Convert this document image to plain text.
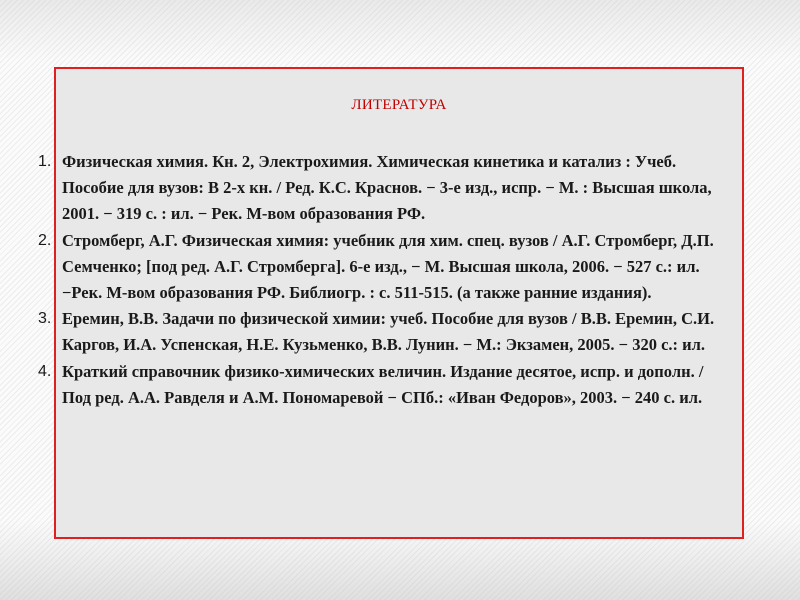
ЛИТЕРАТУРА
1. Физическая химия. Кн. 2, Электрохимия. Химическая кинетика и катализ : Учеб. Пособие для вузов: В 2-х кн. / Ред. К.С. Краснов. − 3-е изд., испр. − М. : Высшая школа, 2001. − 319 с. : ил. − Рек. М-вом образования РФ.
2. Стромберг, А.Г. Физическая химия: учебник для хим. спец. вузов / А.Г. Стромберг, Д.П. Семченко; [под ред. А.Г. Стромберга]. 6-е изд., − М. Высшая школа, 2006. − 527 с.: ил. −Рек. М-вом образования РФ. Библиогр. : с. 511-515. (а также ранние издания).
3. Еремин, В.В. Задачи по физической химии: учеб. Пособие для вузов / В.В. Еремин, С.И. Каргов, И.А. Успенская, Н.Е. Кузьменко, В.В. Лунин. − М.: Экзамен, 2005. − 320 с.: ил.
4. Краткий справочник физико-химических величин. Издание десятое, испр. и дополн. / Под ред. А.А. Равделя и А.М. Пономаревой − СПб.: «Иван Федоров», 2003. − 240 с. ил.
